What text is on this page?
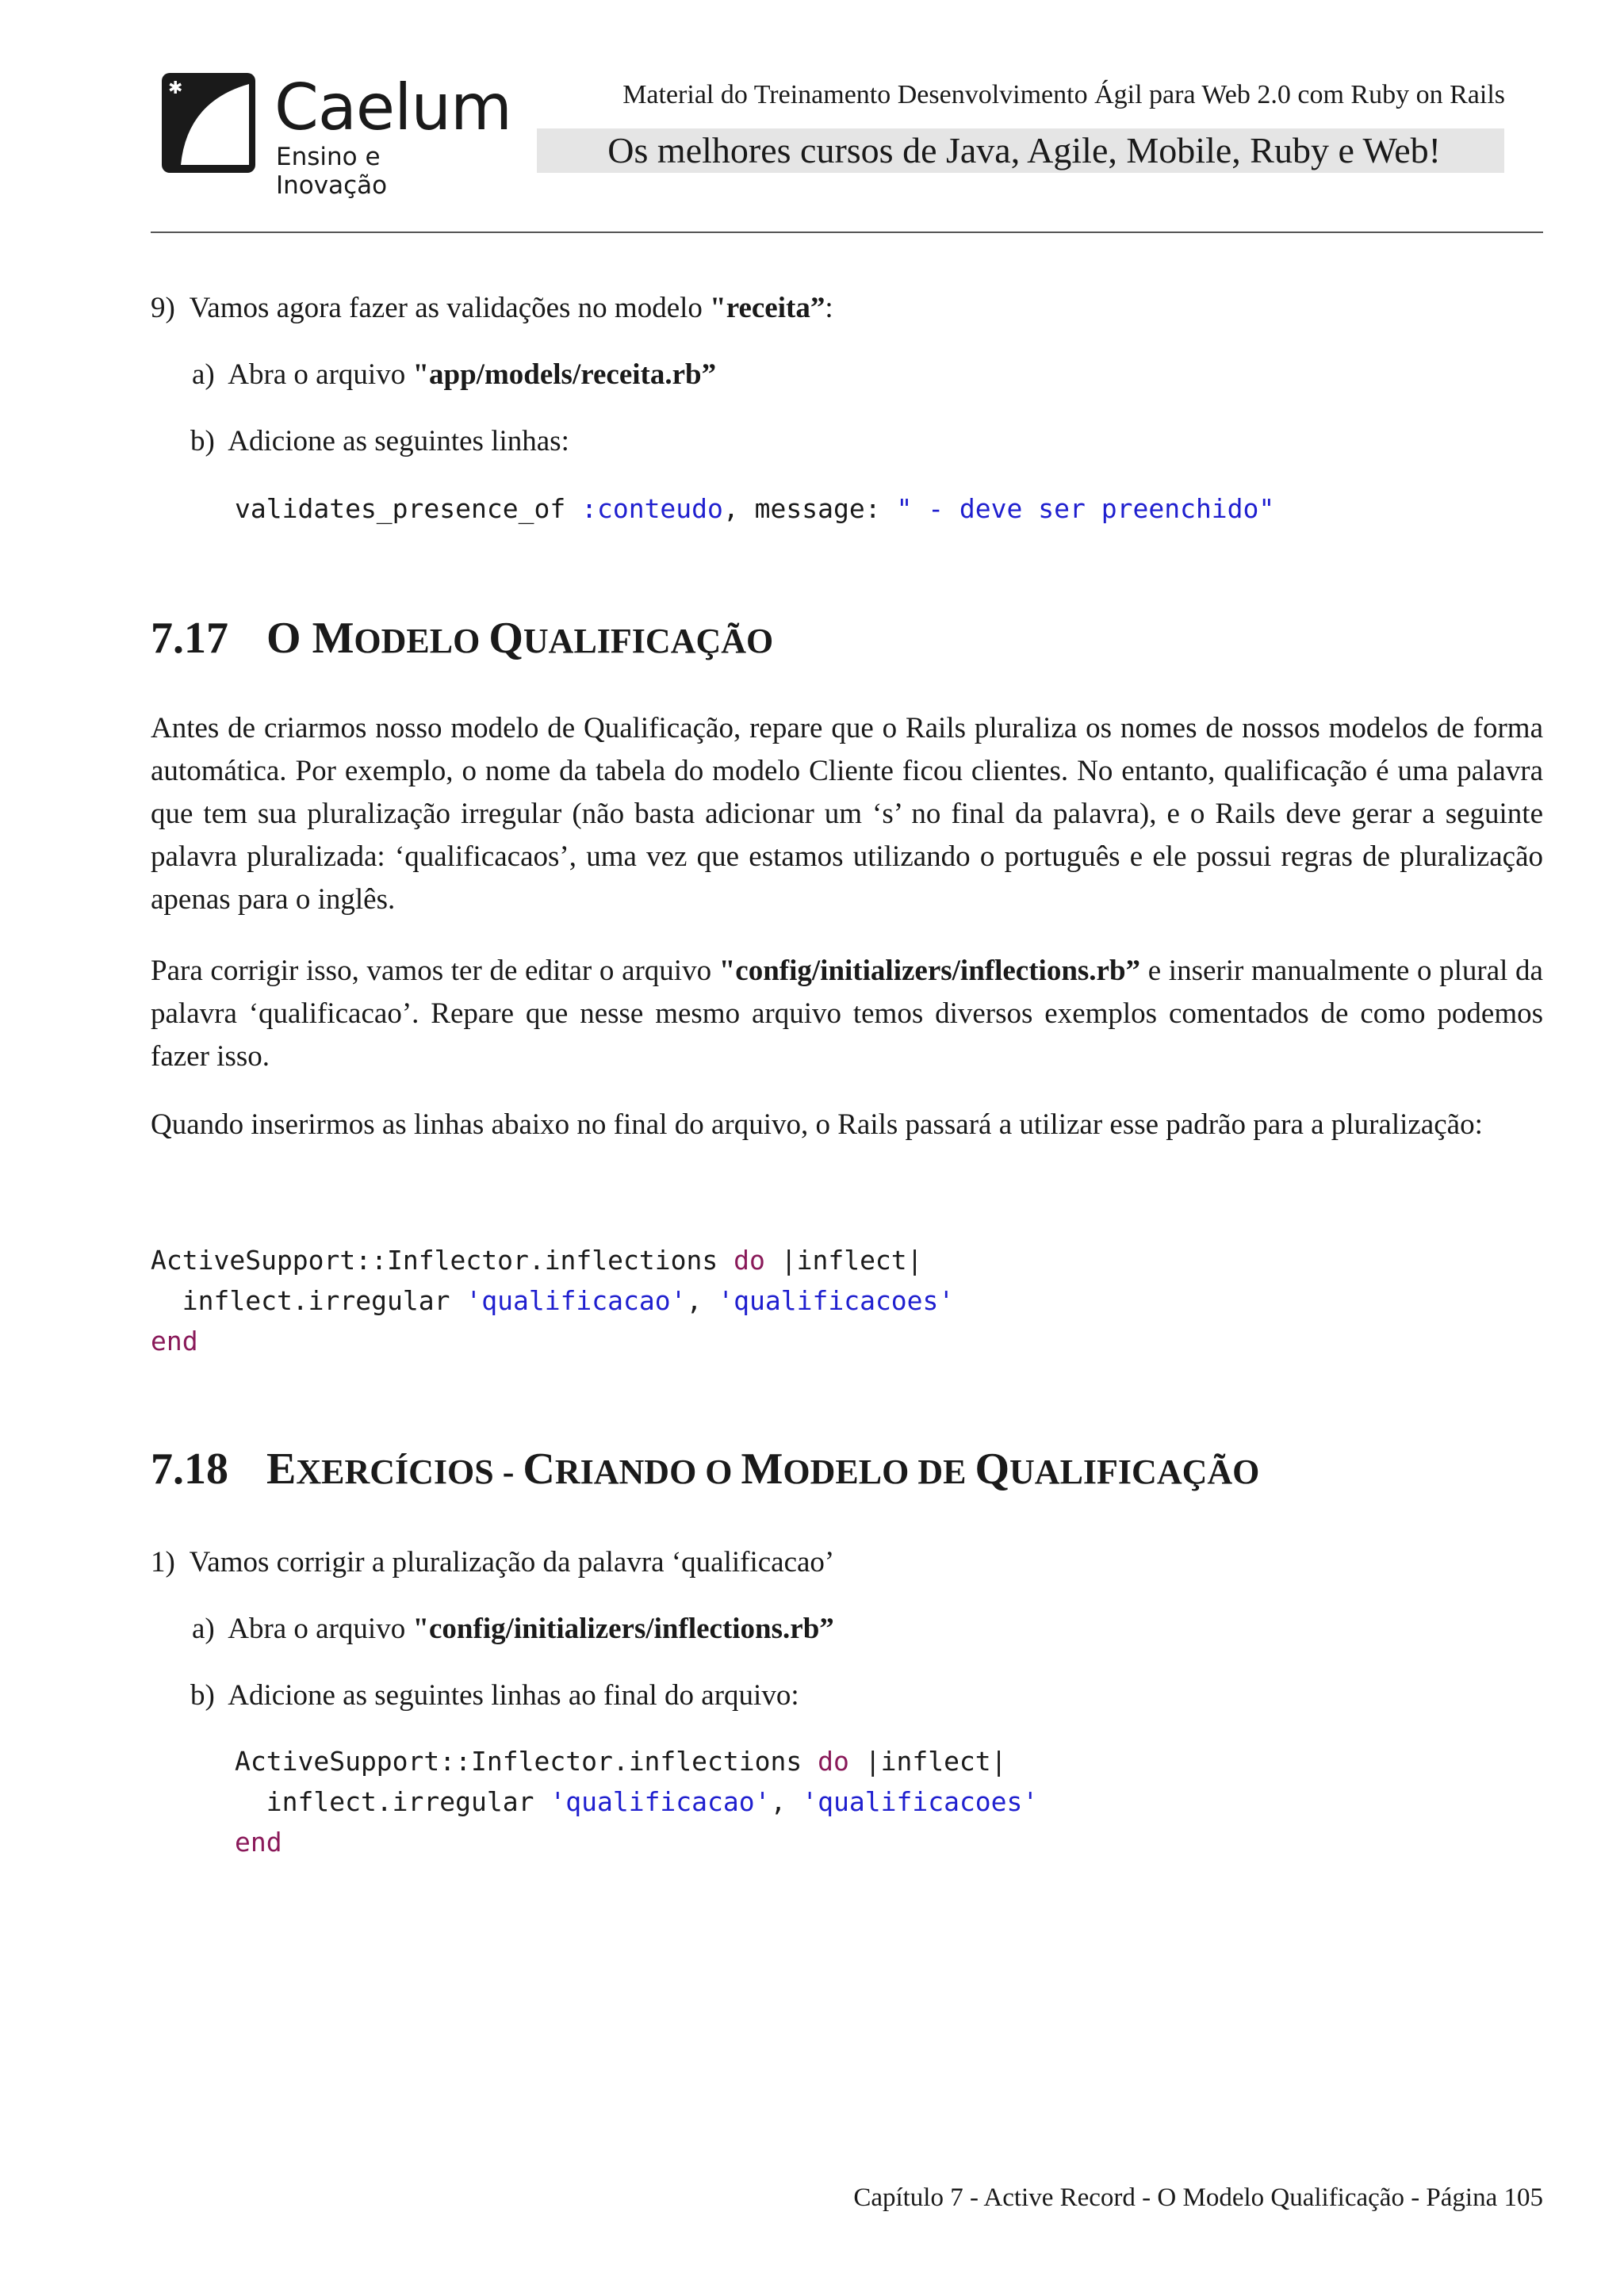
✱ Caelum
Ensino e Inovação
Material do Treinamento Desenvolvimento Ágil para Web 2.0 com Ruby on Rails
Os melhores cursos de Java, Agile, Mobile, Ruby e Web!
9) Vamos agora fazer as validações no modelo "receita”:
a) Abra o arquivo "app/models/receita.rb”
b) Adicione as seguintes linhas:
validates_presence_of :conteudo, message: " - deve ser preenchido"
7.17 O MODELO QUALIFICAÇÃO
Antes de criarmos nosso modelo de Qualificação, repare que o Rails pluraliza os nomes de nossos modelos de forma automática. Por exemplo, o nome da tabela do modelo Cliente ficou clientes. No entanto, qualificação é uma palavra que tem sua pluralização irregular (não basta adicionar um ‘s’ no final da palavra), e o Rails deve gerar a seguinte palavra pluralizada: ‘qualificacaos’, uma vez que estamos utilizando o português e ele possui regras de pluralização apenas para o inglês.
Para corrigir isso, vamos ter de editar o arquivo "config/initializers/inflections.rb” e inserir manualmente o plural da palavra ‘qualificacao’. Repare que nesse mesmo arquivo temos diversos exemplos comentados de como podemos fazer isso.
Quando inserirmos as linhas abaixo no final do arquivo, o Rails passará a utilizar esse padrão para a pluralização:
ActiveSupport::Inflector.inflections do |inflect|
inflect.irregular 'qualificacao', 'qualificacoes'
end
7.18 EXERCÍCIOS - CRIANDO O MODELO DE QUALIFICAÇÃO
1) Vamos corrigir a pluralização da palavra ‘qualificacao’
a) Abra o arquivo "config/initializers/inflections.rb”
b) Adicione as seguintes linhas ao final do arquivo:
ActiveSupport::Inflector.inflections do |inflect|
inflect.irregular 'qualificacao', 'qualificacoes'
end
Capítulo 7 - Active Record - O Modelo Qualificação - Página 105
